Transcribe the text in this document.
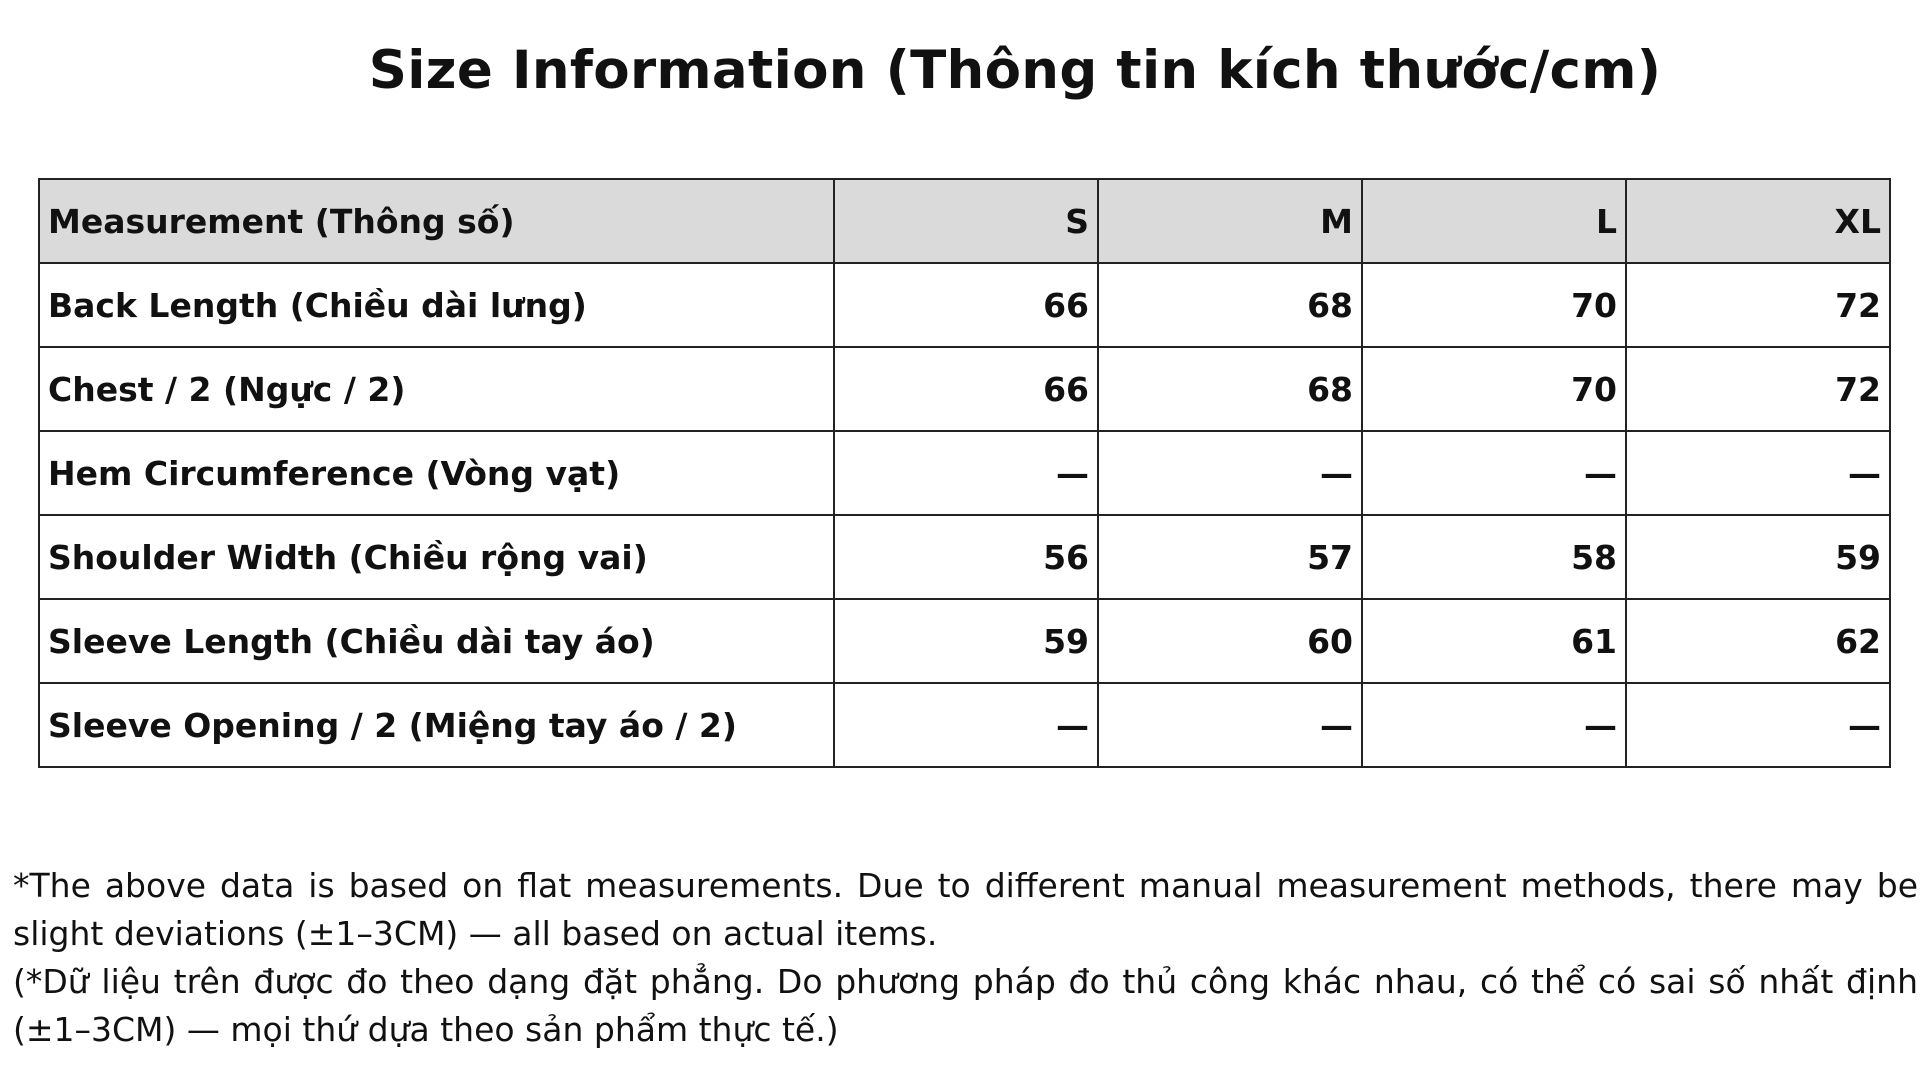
Size Information (Thông tin kích thước/cm)
Measurement (Thông số)	S	M	L	XL
Back Length (Chiều dài lưng)	66	68	70	72
Chest / 2 (Ngực / 2)	66	68	70	72
Hem Circumference (Vòng vạt)	—	—	—	—
Shoulder Width (Chiều rộng vai)	56	57	58	59
Sleeve Length (Chiều dài tay áo)	59	60	61	62
Sleeve Opening / 2 (Miệng tay áo / 2)	—	—	—	—

*The above data is based on flat measurements. Due to different manual measurement methods, there may be slight deviations (±1–3CM) — all based on actual items.
(*Dữ liệu trên được đo theo dạng đặt phẳng. Do phương pháp đo thủ công khác nhau, có thể có sai số nhất định (±1–3CM) — mọi thứ dựa theo sản phẩm thực tế.)
